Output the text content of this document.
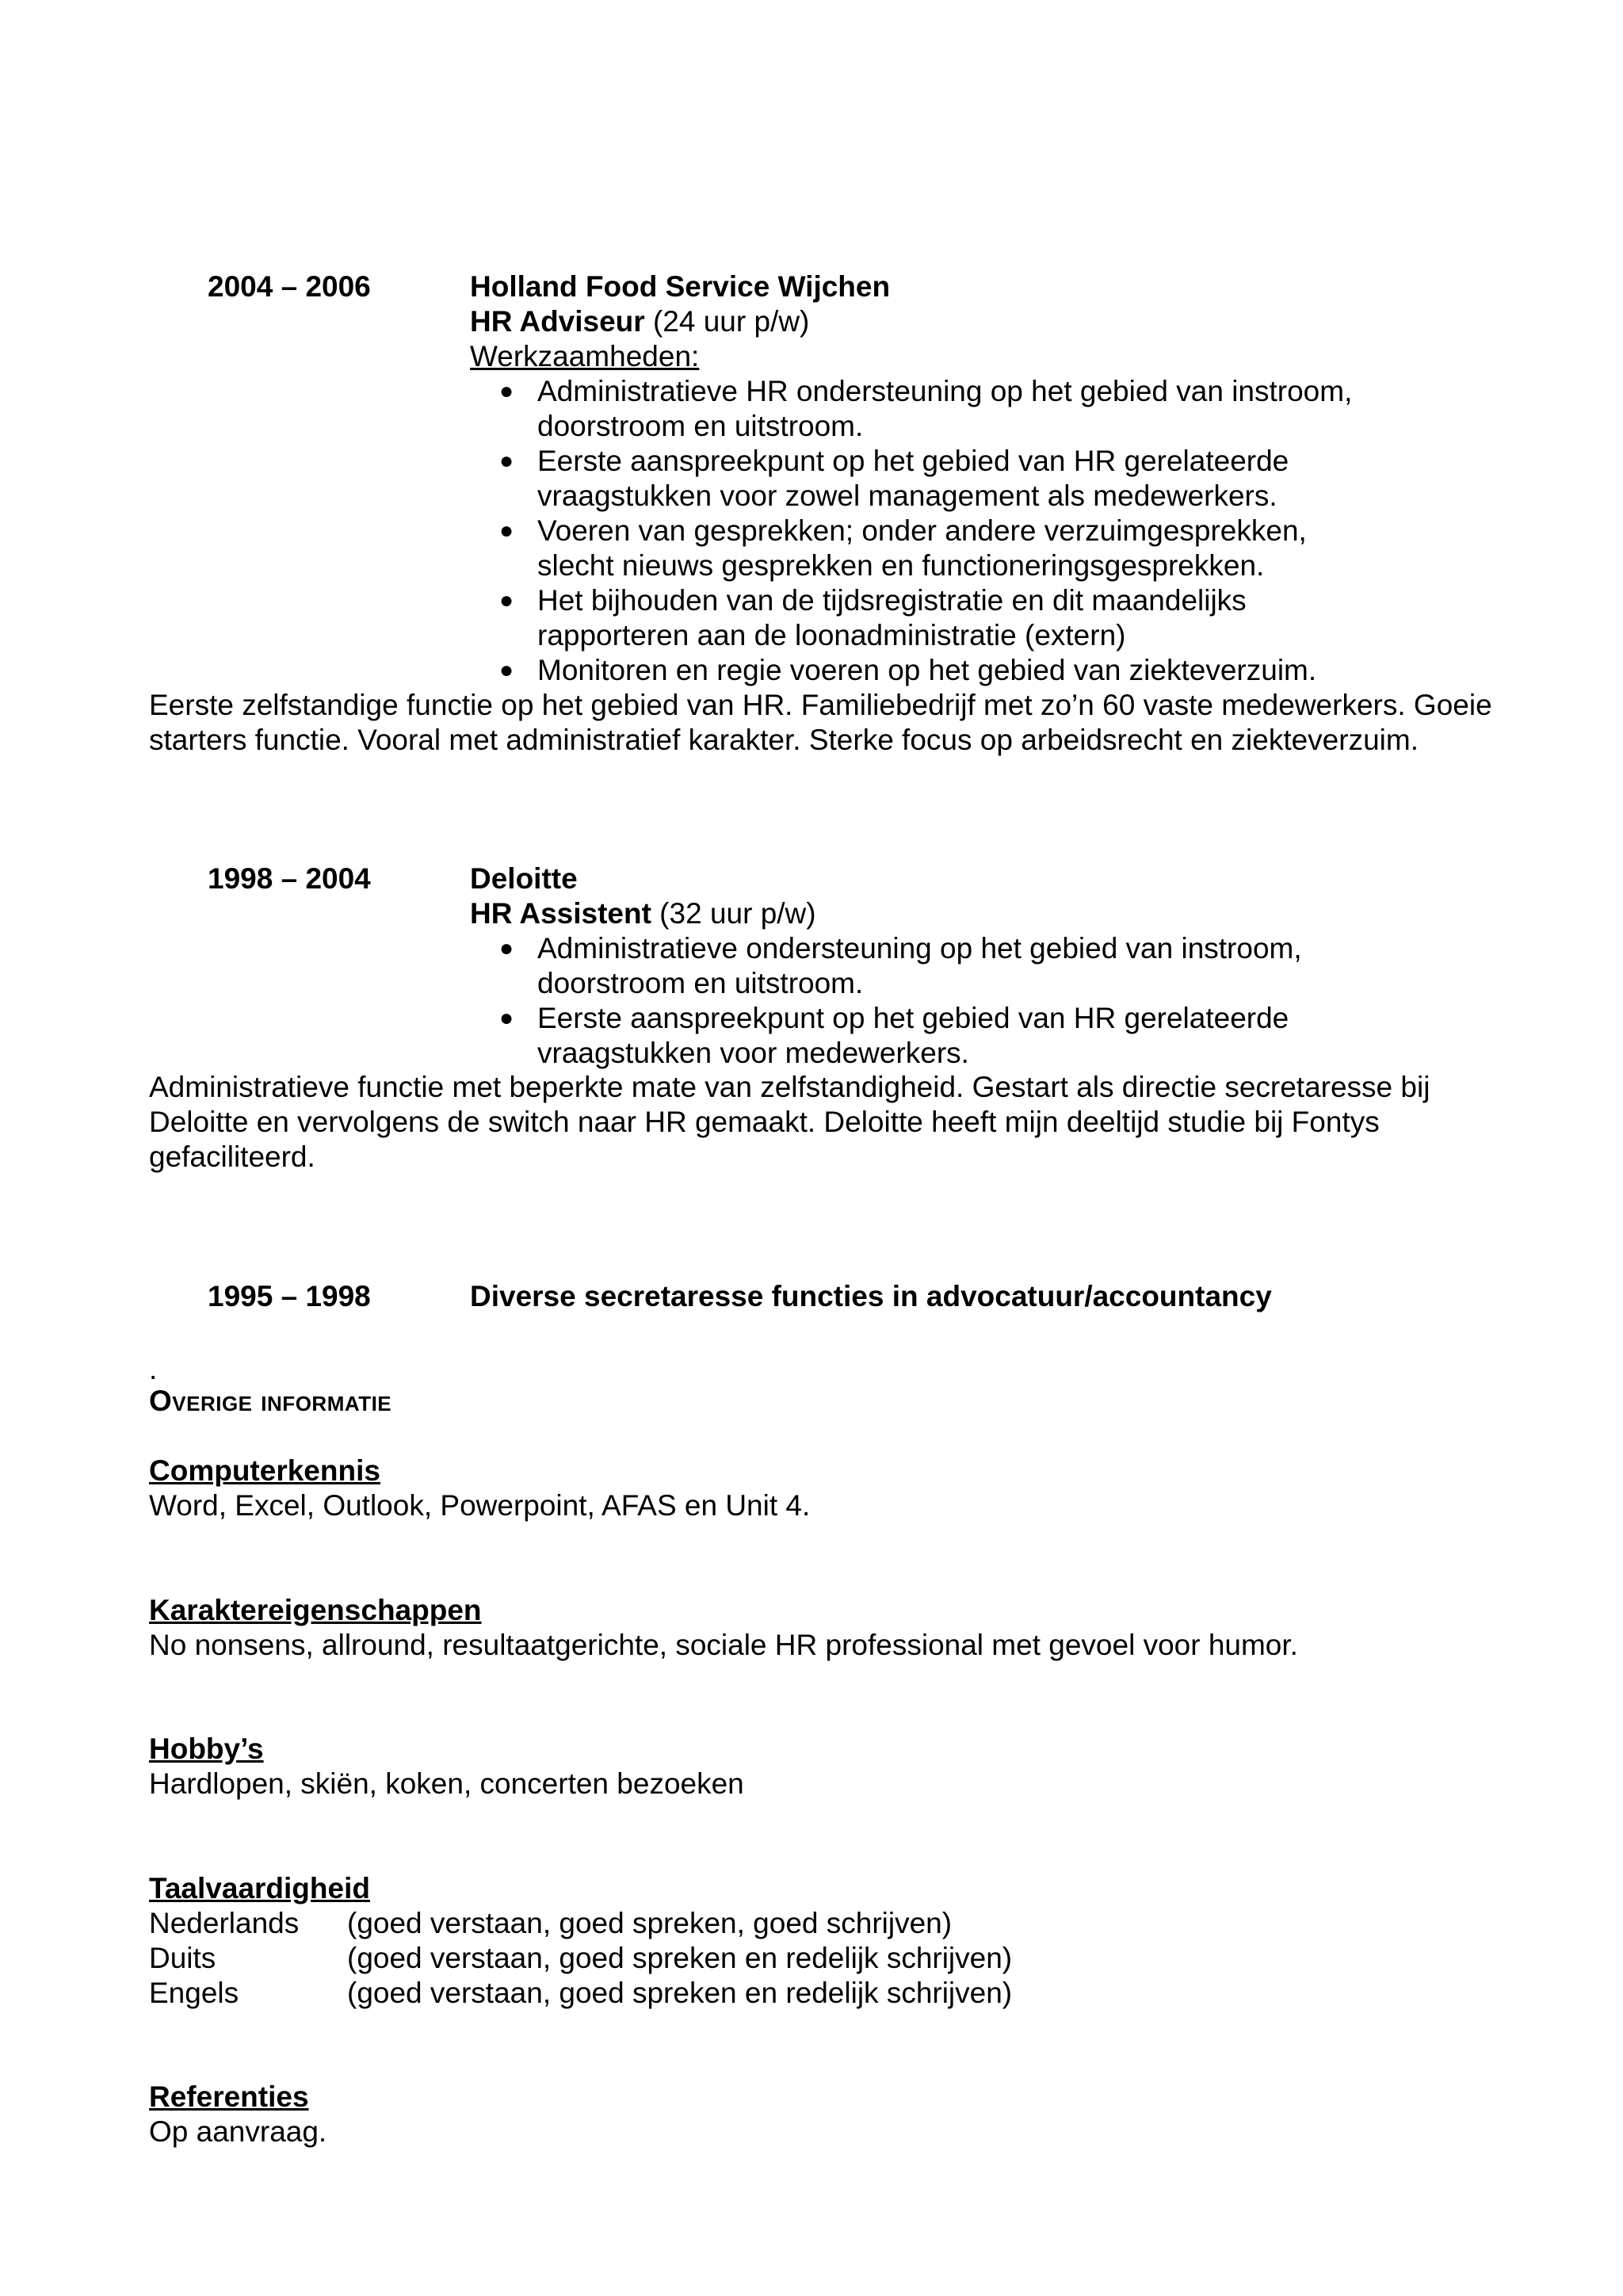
2004 – 2006	Holland Food Service Wijchen
HR Adviseur (24 uur p/w)
Werkzaamheden:
● Administratieve HR ondersteuning op het gebied van instroom, doorstroom en uitstroom.
● Eerste aanspreekpunt op het gebied van HR gerelateerde vraagstukken voor zowel management als medewerkers.
● Voeren van gesprekken; onder andere verzuimgesprekken, slecht nieuws gesprekken en functioneringsgesprekken.
● Het bijhouden van de tijdsregistratie en dit maandelijks rapporteren aan de loonadministratie (extern)
● Monitoren en regie voeren op het gebied van ziekteverzuim.
Eerste zelfstandige functie op het gebied van HR. Familiebedrijf met zo’n 60 vaste medewerkers. Goeie starters functie. Vooral met administratief karakter. Sterke focus op arbeidsrecht en ziekteverzuim.
1998 – 2004	Deloitte
HR Assistent (32 uur p/w)
● Administratieve ondersteuning op het gebied van instroom, doorstroom en uitstroom.
● Eerste aanspreekpunt op het gebied van HR gerelateerde vraagstukken voor medewerkers.
Administratieve functie met beperkte mate van zelfstandigheid. Gestart als directie secretaresse bij Deloitte en vervolgens de switch naar HR gemaakt. Deloitte heeft mijn deeltijd studie bij Fontys gefaciliteerd.
1995 – 1998	Diverse secretaresse functies in advocatuur/accountancy
.
Overige informatie
Computerkennis

Word, Excel, Outlook, Powerpoint, AFAS en Unit 4.

Karaktereigenschappen

No nonsens, allround, resultaatgerichte, sociale HR professional met gevoel voor humor.

Hobby’s

Hardlopen, skiën, koken, concerten bezoeken

Taalvaardigheid
Nederlands	(goed verstaan, goed spreken, goed schrijven)
Duits	(goed verstaan, goed spreken en redelijk schrijven)
Engels	(goed verstaan, goed spreken en redelijk schrijven)
Referenties

Op aanvraag.
